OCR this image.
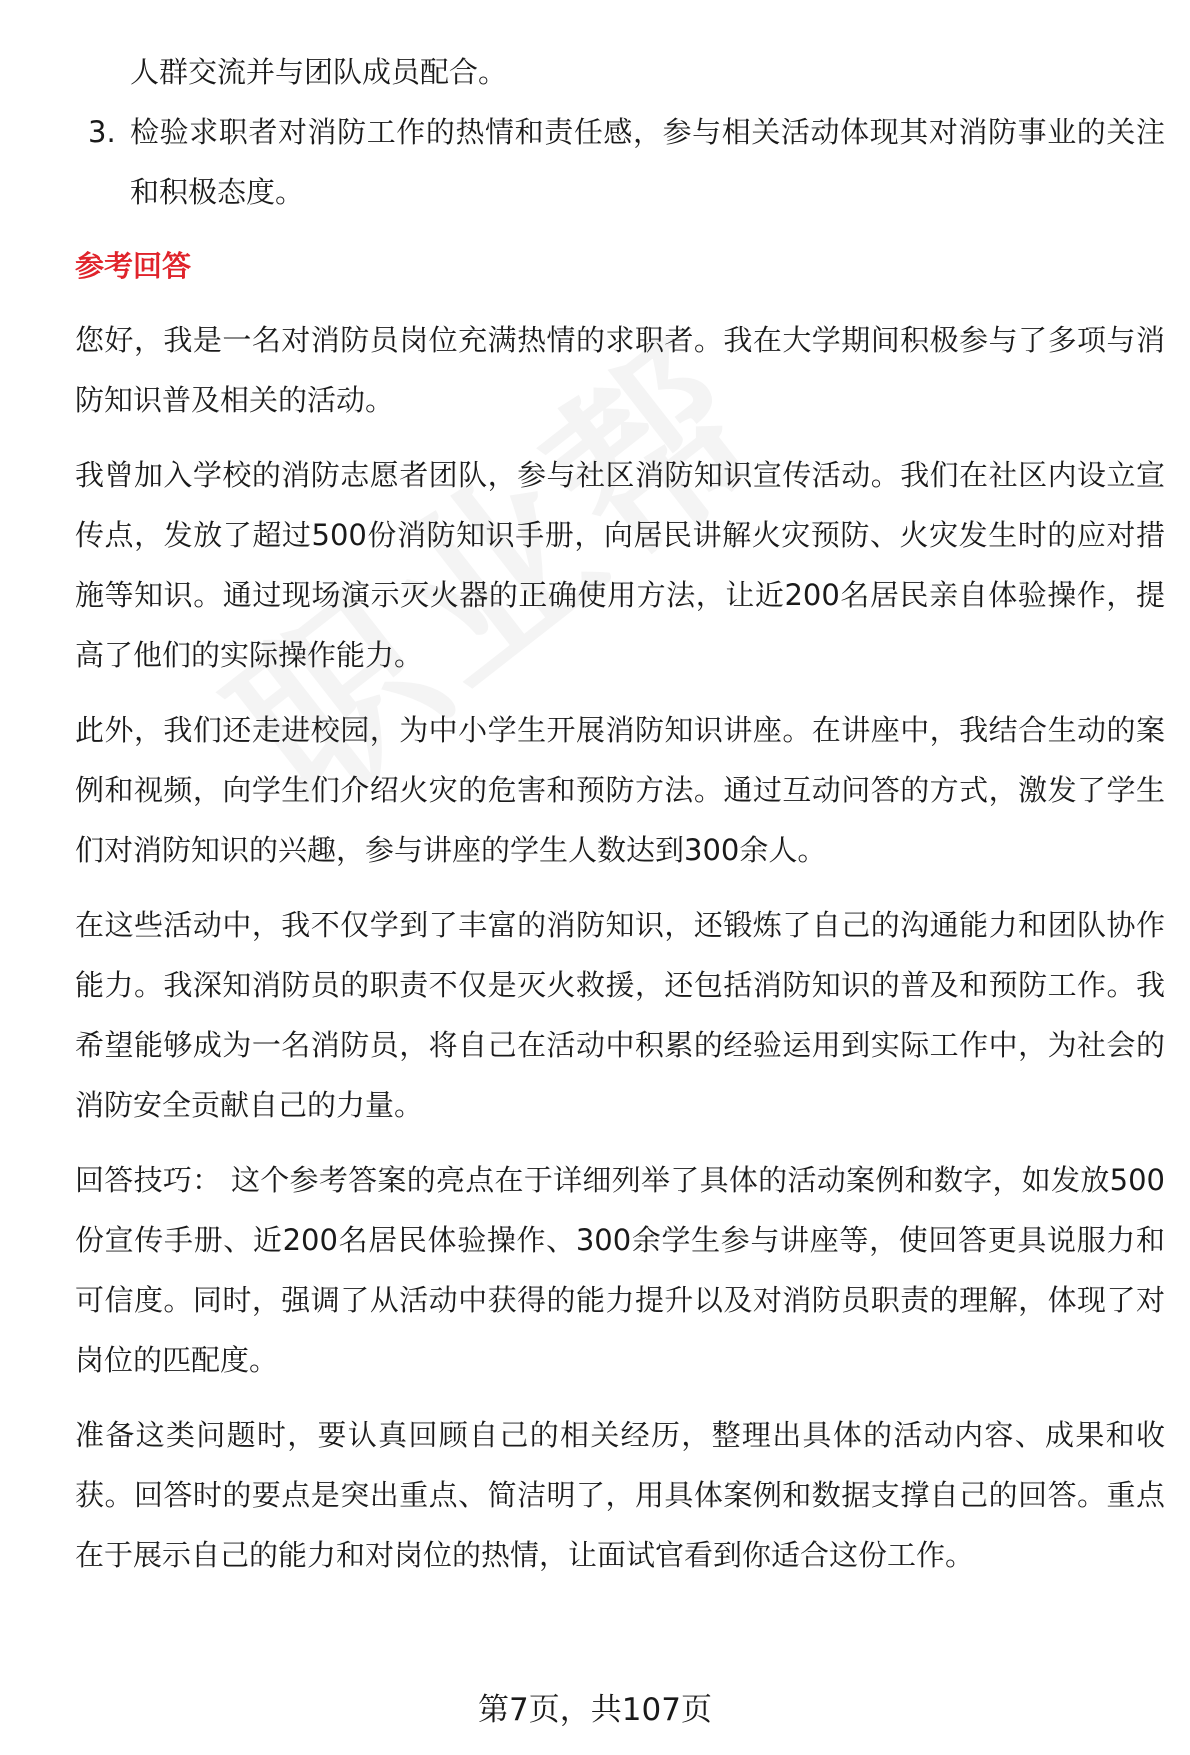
人群交流并与团队成员配合。

3. 检验求职者对消防工作的热情和责任感，参与相关活动体现其对消防事业的关注和积极态度。

参考回答

您好，我是一名对消防员岗位充满热情的求职者。我在大学期间积极参与了多项与消防知识普及相关的活动。

我曾加入学校的消防志愿者团队，参与社区消防知识宣传活动。我们在社区内设立宣传点，发放了超过500份消防知识手册，向居民讲解火灾预防、火灾发生时的应对措施等知识。通过现场演示灭火器的正确使用方法，让近200名居民亲自体验操作，提高了他们的实际操作能力。

此外，我们还走进校园，为中小学生开展消防知识讲座。在讲座中，我结合生动的案例和视频，向学生们介绍火灾的危害和预防方法。通过互动问答的方式，激发了学生们对消防知识的兴趣，参与讲座的学生人数达到300余人。

在这些活动中，我不仅学到了丰富的消防知识，还锻炼了自己的沟通能力和团队协作能力。我深知消防员的职责不仅是灭火救援，还包括消防知识的普及和预防工作。我希望能够成为一名消防员，将自己在活动中积累的经验运用到实际工作中，为社会的消防安全贡献自己的力量。

回答技巧： 这个参考答案的亮点在于详细列举了具体的活动案例和数字，如发放500份宣传手册、近200名居民体验操作、300余学生参与讲座等，使回答更具说服力和可信度。同时，强调了从活动中获得的能力提升以及对消防员职责的理解，体现了对岗位的匹配度。

准备这类问题时，要认真回顾自己的相关经历，整理出具体的活动内容、成果和收获。回答时的要点是突出重点、简洁明了，用具体案例和数据支撑自己的回答。重点在于展示自己的能力和对岗位的热情，让面试官看到你适合这份工作。

第7页，共107页
